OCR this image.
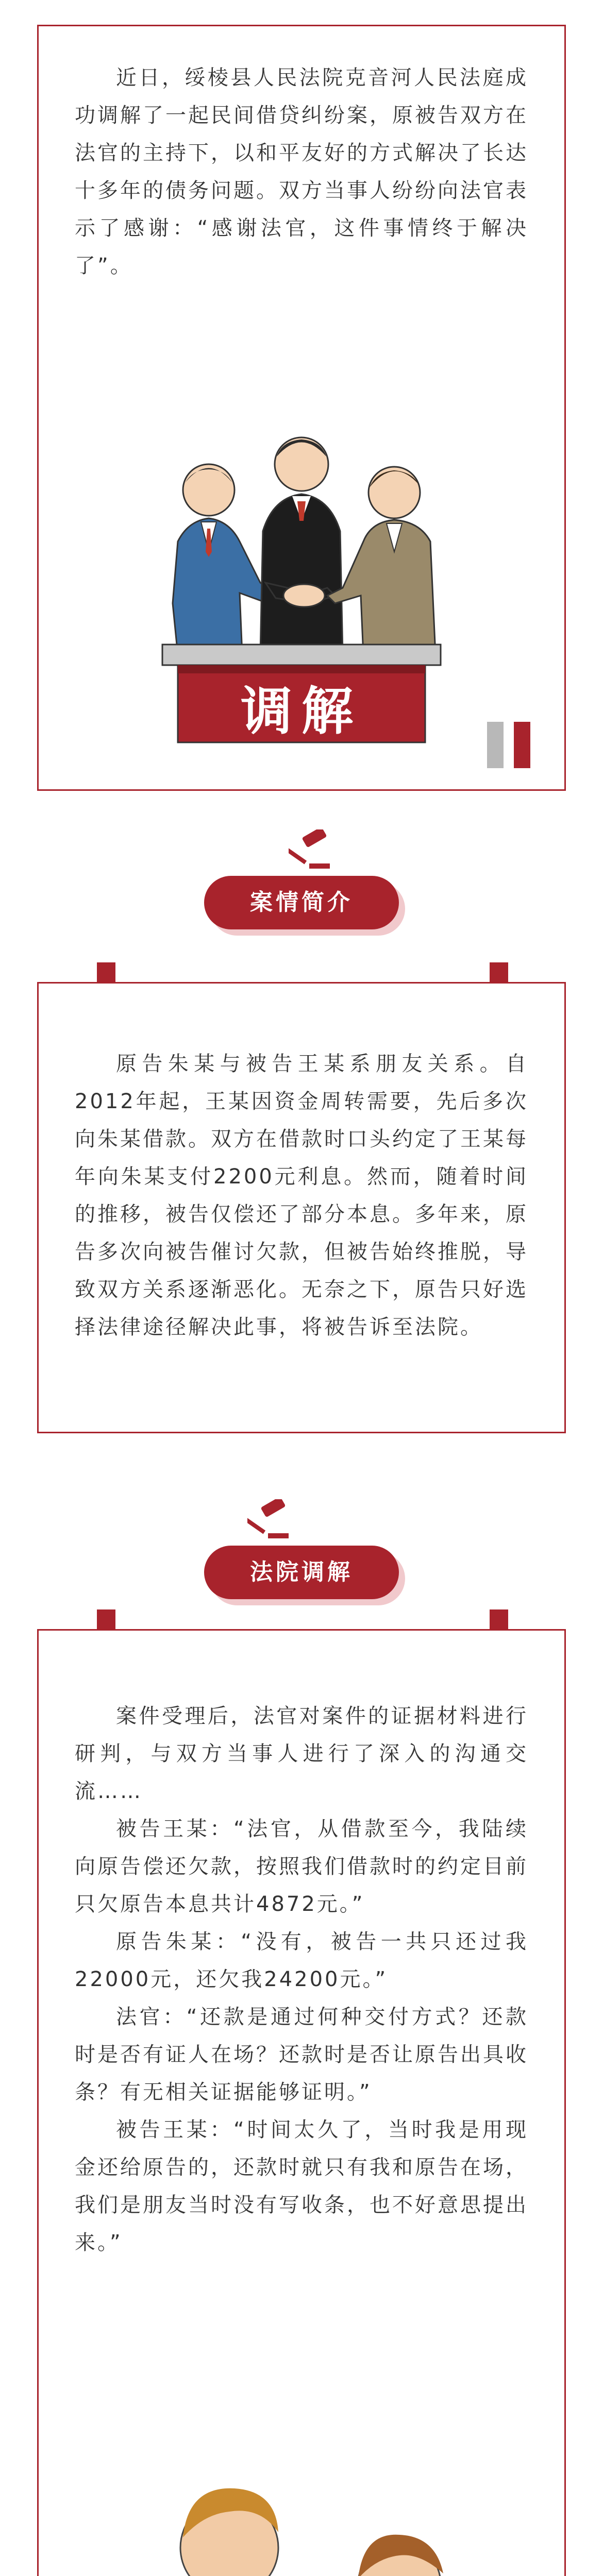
近日，绥棱县人民法院克音河人民法庭成功调解了一起民间借贷纠纷案，原被告双方在法官的主持下，以和平友好的方式解决了长达十多年的债务问题。双方当事人纷纷向法官表示了感谢：“感谢法官，这件事情终于解决了”。

调解
案情简介

原告朱某与被告王某系朋友关系。自2012年起，王某因资金周转需要，先后多次向朱某借款。双方在借款时口头约定了王某每年向朱某支付2200元利息。然而，随着时间的推移，被告仅偿还了部分本息。多年来，原告多次向被告催讨欠款，但被告始终推脱，导致双方关系逐渐恶化。无奈之下，原告只好选择法律途径解决此事，将被告诉至法院。

法院调解

案件受理后，法官对案件的证据材料进行研判，与双方当事人进行了深入的沟通交流……

被告王某：“法官，从借款至今，我陆续向原告偿还欠款，按照我们借款时的约定目前只欠原告本息共计4872元。”

原告朱某：“没有，被告一共只还过我22000元，还欠我24200元。”

法官：“还款是通过何种交付方式？还款时是否有证人在场？还款时是否让原告出具收条？有无相关证据能够证明。”

被告王某：“时间太久了，当时我是用现金还给原告的，还款时就只有我和原告在场，我们是朋友当时没有写收条，也不好意思提出来。”
